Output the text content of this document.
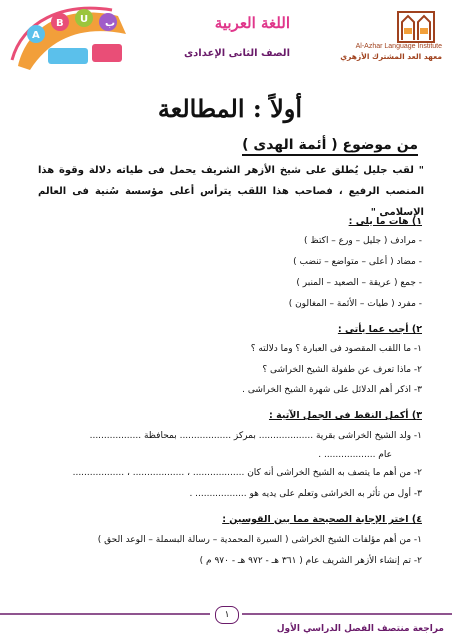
A
B U ب	اللغة العربية
الصف الثانى الإعدادى
Al-Azhar Language Institute
معهد العد المشترك الأزهري
أولاً : المطالعة
من موضوع ( أئمة الهدى )
" لقب جليل يُطلق على شيخ الأزهر الشريف يحمل فى طياته دلالة وقوة هذا المنصب الرفيع ، فصاحب هذا اللقب يترأس أعلى مؤسسة سُنية فى العالم الإسلامى "
١) هات ما يلى :
- مرادف ( جليل – ورع – اكتظ )
- مضاد ( أعلى – متواضع – تنضب )
- جمع ( عريقة – الصعيد – المنبر )
- مفرد ( طيات – الأئمة – المغالون )
٢) أجب عما يأتى :
١- ما اللقب المقصود فى العبارة ؟ وما دلالته ؟
٢- ماذا تعرف عن طفولة الشيخ الخراشى ؟
٣- اذكر أهم الدلائل على شهرة الشيخ الخراشى .
٣) أكمل النقط فى الجمل الآتية :
١- ولد الشيخ الخراشى بقرية ................... بمركز .................. بمحافظة ..................
عام .................. .
٢- من أهم ما يتصف به الشيخ الخراشى أنه كان .................. ، .................. ، ..................
٣- أول من تأثر به الخراشى وتعلم على يديه هو .................. .
٤) اختر الإجابة الصحيحة مما بين القوسين :
١- من أهم مؤلفات الشيخ الخراشى ( السيرة المحمدية – رسالة البسملة – الوعد الحق )
٢- تم إنشاء الأزهر الشريف عام ( ٣٦١ هـ - ٩٧٢ هـ - ٩٧٠ م )
١
مراجعة منتصف الفصل الدراسي الأول
